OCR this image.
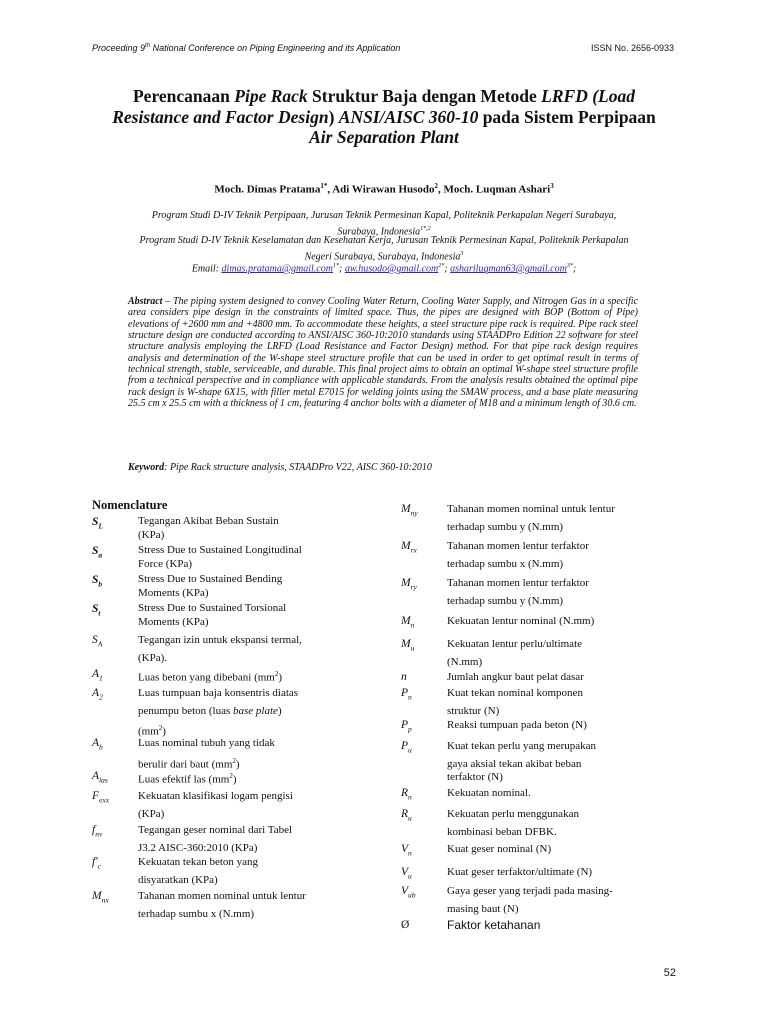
Proceeding 9th National Conference on Piping Engineering and its Application	ISSN No. 2656-0933
Perencanaan Pipe Rack Struktur Baja dengan Metode LRFD (Load
Resistance and Factor Design) ANSI/AISC 360-10 pada Sistem Perpipaan
Air Separation Plant
Moch. Dimas Pratama$^{1*}$, Adi Wirawan Husodo$^2$, Moch. Luqman Ashari$^3$
Program Studi D-IV Teknik Perpipaan, Jurusan Teknik Permesinan Kapal, Politeknik Perkapalan Negeri Surabaya,
Surabaya, Indonesia$^{1*,2}$
Program Studi D-IV Teknik Keselamatan dan Kesehatan Kerja, Jurusan Teknik Permesinan Kapal, Politeknik Perkapalan
Negeri Surabaya, Surabaya, Indonesia$^3$
Email: dimas.pratama@gmail.com$^{1*}$; aw.husodo@gmail.com$^{2*}$; ashariluqman63@gmail.com$^{3*}$;
Abstract – The piping system designed to convey Cooling Water Return, Cooling Water Supply, and Nitrogen Gas in a specific area considers pipe design in the constraints of limited space. Thus, the pipes are designed with BOP (Bottom of Pipe) elevations of +2600 mm and +4800 mm. To accommodate these heights, a steel structure pipe rack is required. Pipe rack steel structure design are conducted according to ANSI/AISC 360-10:2010 standards using STAADPro Edition 22 software for steel structure analysis employing the LRFD (Load Resistance and Factor Design) method. For that pipe rack design requires analysis and determination of the W-shape steel structure profile that can be used in order to get optimal result in terms of technical strength, stable, serviceable, and durable. This final project aims to obtain an optimal W-shape steel structure profile from a technical perspective and in compliance with applicable standards. From the analysis results obtained the optimal pipe rack design is W-shape 6X15, with filler metal E7015 for welding joints using the SMAW process, and a base plate measuring 25.5 cm x 25.5 cm with a thickness of 1 cm, featuring 4 anchor bolts with a diameter of M18 and a minimum length of 30.6 cm.
Keyword: Pipe Rack structure analysis, STAADPro V22, AISC 360-10:2010
Nomenclature
$S_L$	Tegangan Akibat Beban Sustain
(KPa)
$S_a$	Stress Due to Sustained Longitudinal
Force (KPa)
$S_b$	Stress Due to Sustained Bending
Moments (KPa)
$S_t$	Stress Due to Sustained Torsional
Moments (KPa)
$S_A$	Tegangan izin untuk ekspansi termal,
(KPa).
$A_1$	Luas beton yang dibebani $(mm^2)$
$A_2$	Luas tumpuan baja konsentris diatas
penumpu beton (luas base plate)
$(mm^2)$
$A_b$	Luas nominal tubuh yang tidak
berulir dari baut $(mm^2)$
$A_{las}$	Luas efektif las $(mm^2)$
$F_{exx}$	Kekuatan klasifikasi logam pengisi
(KPa)
$f_{nv}$	Tegangan geser nominal dari Tabel
J3.2 AISC-360:2010 (KPa)
$f'_c$	Kekuatan tekan beton yang
disyaratkan (KPa)
$M_{nx}$	Tahanan momen nominal untuk lentur
terhadap sumbu x (N.mm)
$M_{ny}$	Tahanan momen nominal untuk lentur
terhadap sumbu y (N.mm)
$M_{rx}$	Tahanan momen lentur terfaktor
terhadap sumbu x (N.mm)
$M_{ry}$	Tahanan momen lentur terfaktor
terhadap sumbu y (N.mm)
$M_n$	Kekuatan lentur nominal (N.mm)
$M_u$	Kekuatan lentur perlu/ultimate
(N.mm)
n	Jumlah angkur baut pelat dasar
$P_n$	Kuat tekan nominal komponen
struktur (N)
$P_p$	Reaksi tumpuan pada beton (N)
$P_u$	Kuat tekan perlu yang merupakan
gaya aksial tekan akibat beban
terfaktor (N)
$R_n$	Kekuatan nominal.
$R_u$	Kekuatan perlu menggunakan
kombinasi beban DFBK.
$V_n$	Kuat geser nominal (N)
$V_u$	Kuat geser terfaktor/ultimate (N)
$V_{ub}$	Gaya geser yang terjadi pada masing-
masing baut (N)
Ø	Faktor ketahanan
52
